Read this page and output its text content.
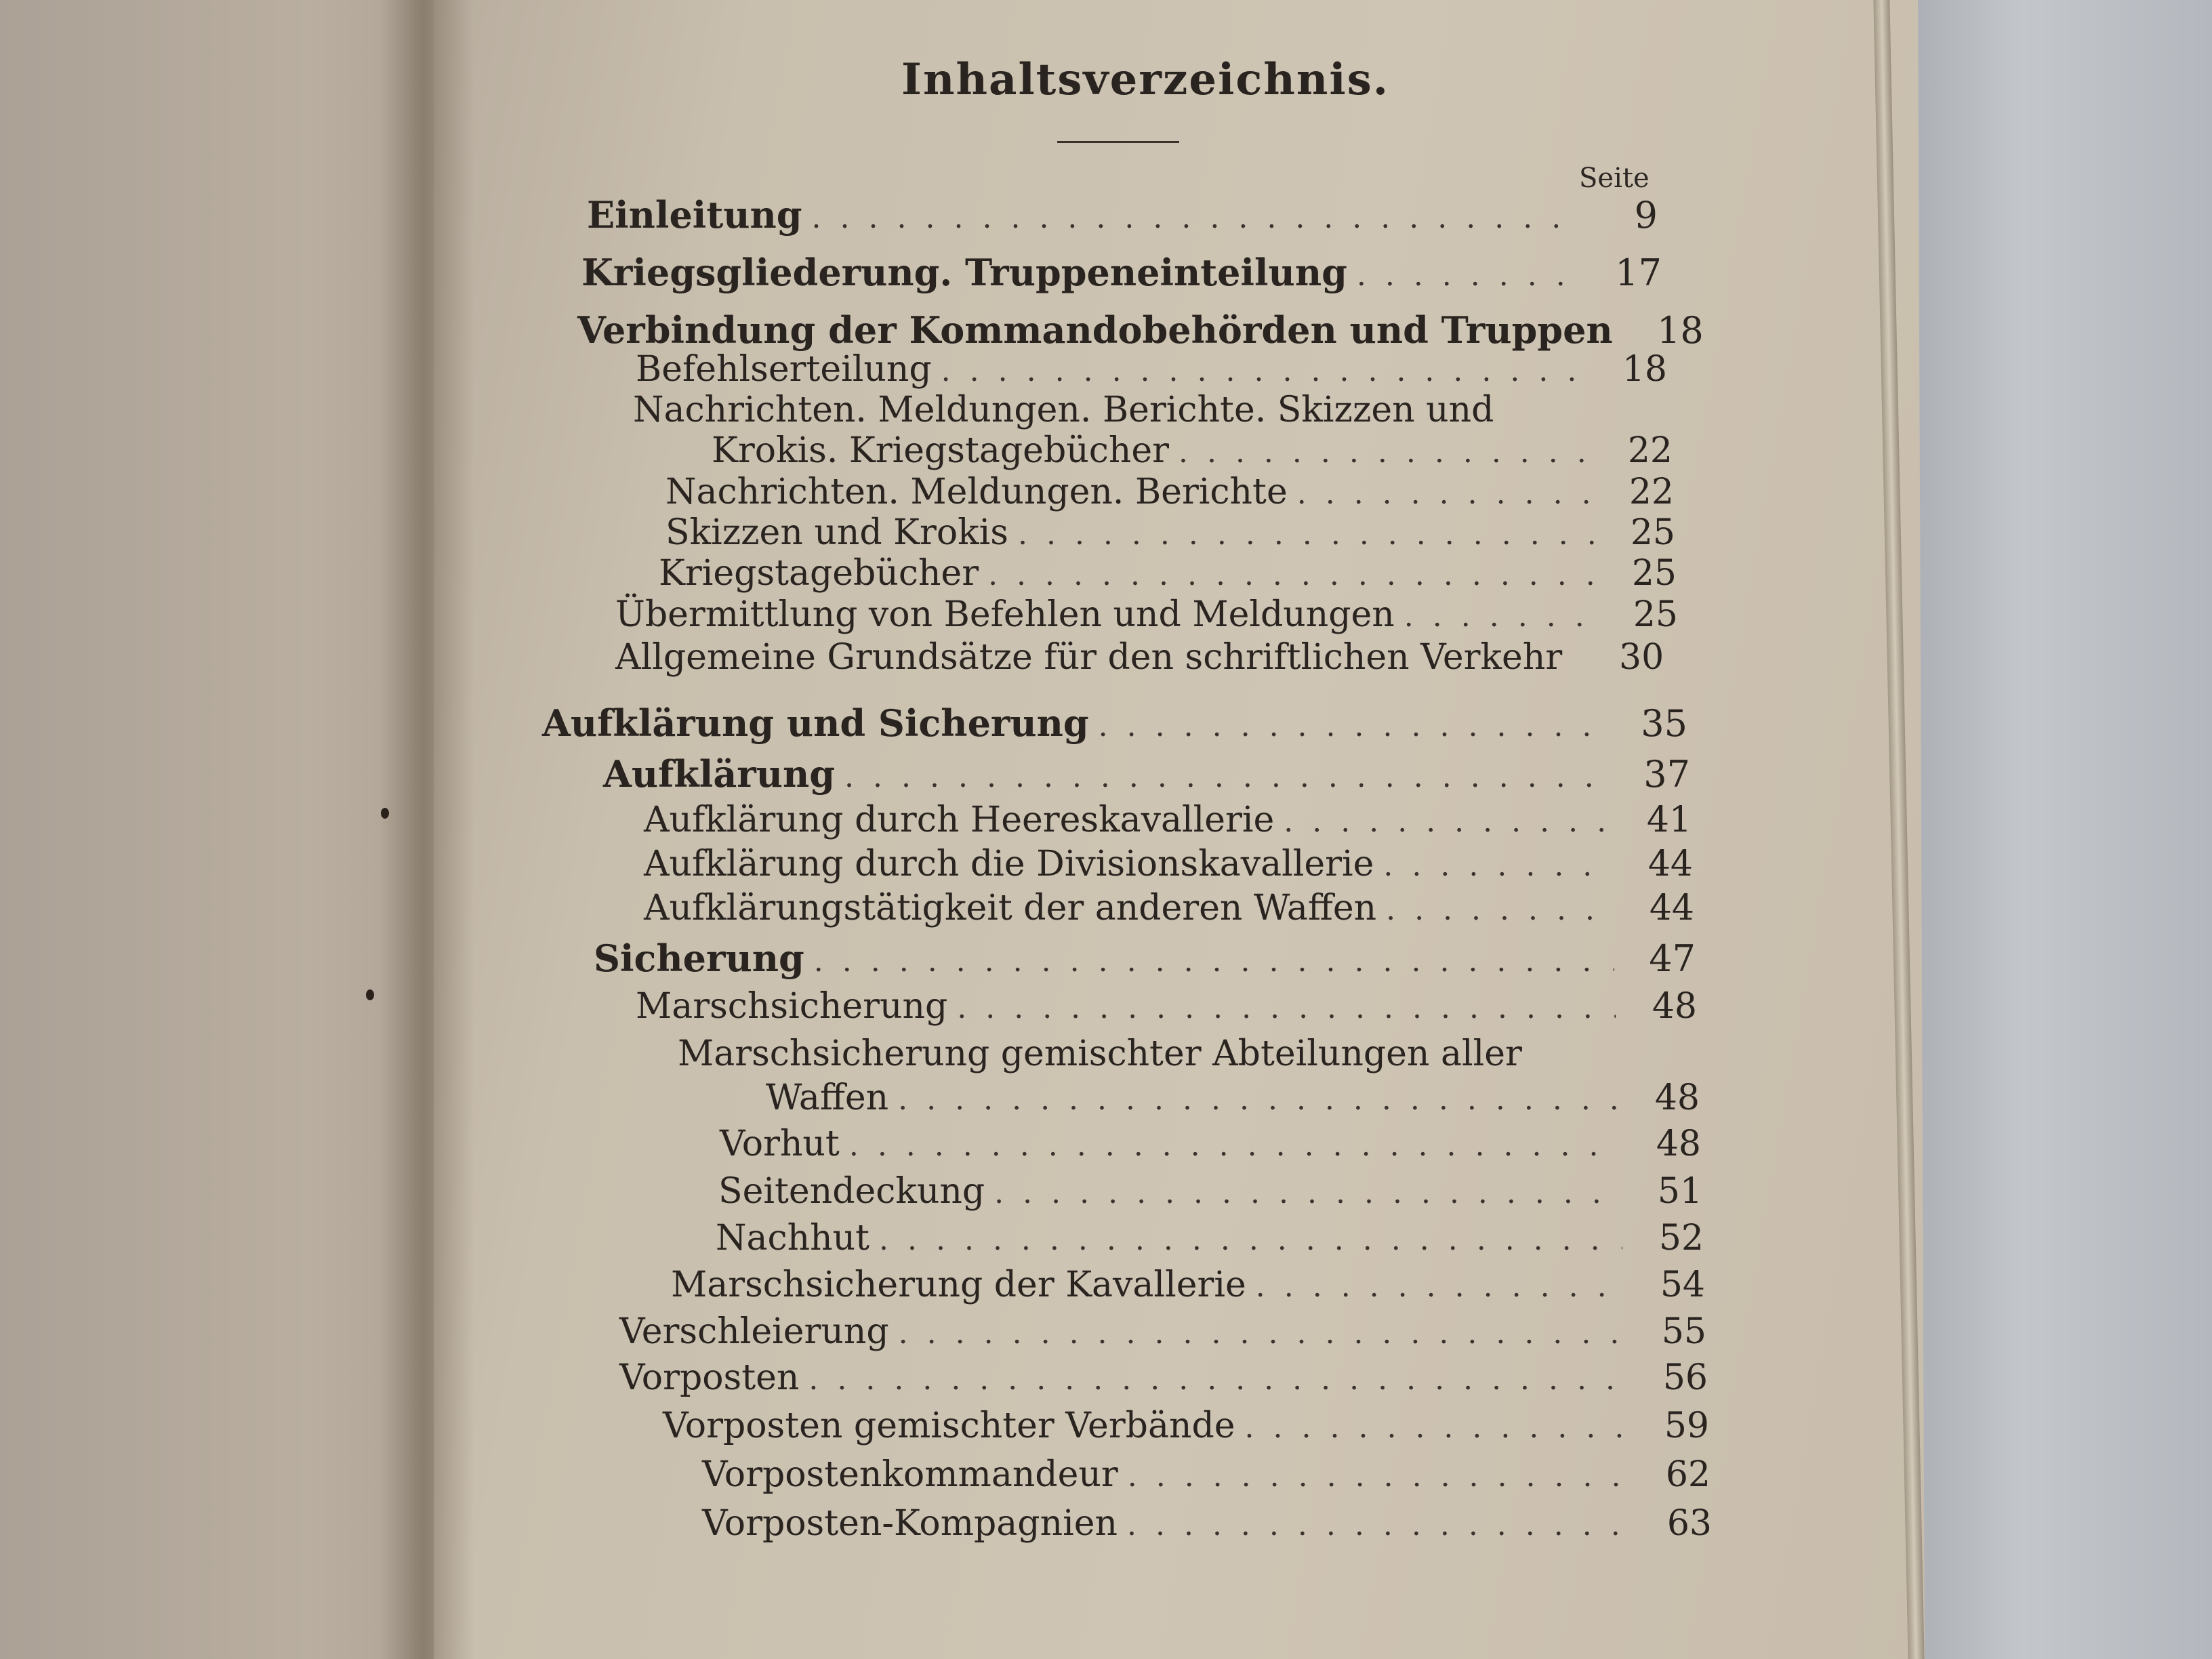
Inhaltsverzeichnis.
Seite
Einleitung .....	9
Kriegsgliederung. Truppeneinteilung .....	17
Verbindung der Kommandobehörden und Truppen .....	18
Befehlserteilung .....	18
Nachrichten. Meldungen. Berichte. Skizzen und
Krokis. Kriegstagebücher .....	22
Nachrichten. Meldungen. Berichte .....	22
Skizzen und Krokis .....	25
Kriegstagebücher .....	25
Übermittlung von Befehlen und Meldungen .....	25
Allgemeine Grundsätze für den schriftlichen Verkehr	30
Aufklärung und Sicherung .....	35
Aufklärung .....	37
Aufklärung durch Heereskavallerie .....	41
Aufklärung durch die Divisionskavallerie .....	44
Aufklärungstätigkeit der anderen Waffen .....	44
Sicherung .....	47
Marschsicherung .....	48
Marschsicherung gemischter Abteilungen aller
Waffen .....	48
Vorhut .....	48
Seitendeckung .....	51
Nachhut .....	52
Marschsicherung der Kavallerie .....	54
Verschleierung .....	55
Vorposten .....	56
Vorposten gemischter Verbände .....	59
Vorpostenkommandeur .....	62
Vorposten-Kompagnien .....	63
